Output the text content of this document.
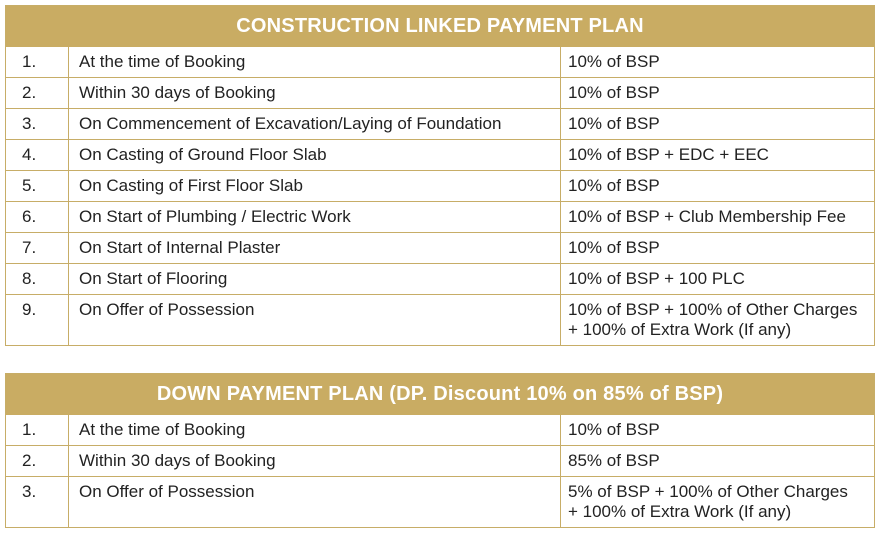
CONSTRUCTION LINKED PAYMENT PLAN
1.	At the time of Booking	10% of BSP
2.	Within 30 days of Booking	10% of BSP
3.	On Commencement of Excavation/Laying of Foundation	10% of BSP
4.	On Casting of Ground Floor Slab	10% of BSP + EDC + EEC
5.	On Casting of First Floor Slab	10% of BSP
6.	On Start of Plumbing / Electric Work	10% of BSP + Club Membership Fee
7.	On Start of Internal Plaster	10% of BSP
8.	On Start of Flooring	10% of BSP + 100 PLC
9.	On Offer of Possession	10% of BSP + 100% of Other Charges
+ 100% of Extra Work (If any)
DOWN PAYMENT PLAN (DP. Discount 10% on 85% of BSP)
1.	At the time of Booking	10% of BSP
2.	Within 30 days of Booking	85% of BSP
3.	On Offer of Possession	5% of BSP + 100% of Other Charges
+ 100% of Extra Work (If any)
